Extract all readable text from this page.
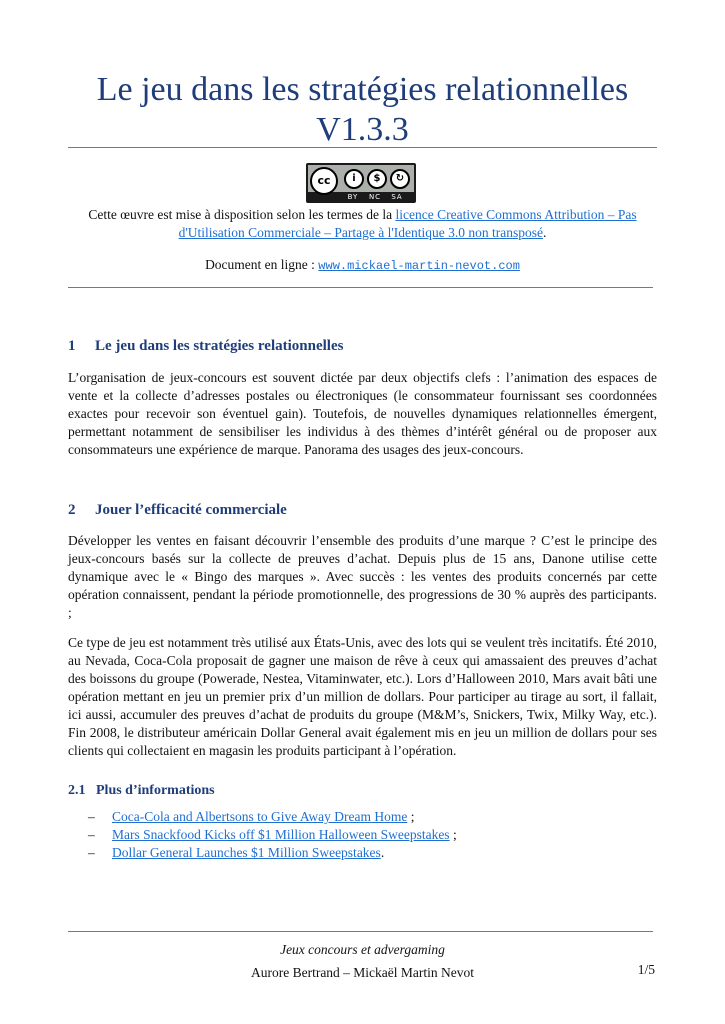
Le jeu dans les stratégies relationnelles
V1.3.3
cc	i	$	↻
BY NC SA
Cette œuvre est mise à disposition selon les termes de la licence Creative Commons Attribution – Pas d'Utilisation Commerciale – Partage à l'Identique 3.0 non transposé.
Document en ligne : www.mickael-martin-nevot.com
1 Le jeu dans les stratégies relationnelles
L’organisation de jeux-concours est souvent dictée par deux objectifs clefs : l’animation des espaces de vente et la collecte d’adresses postales ou électroniques (le consommateur fournissant ses coordonnées exactes pour recevoir son éventuel gain). Toutefois, de nouvelles dynamiques relationnelles émergent, permettant notamment de sensibiliser les individus à des thèmes d’intérêt général ou de proposer aux consommateurs une expérience de marque. Panorama des usages des jeux-concours.
2 Jouer l’efficacité commerciale
Développer les ventes en faisant découvrir l’ensemble des produits d’une marque ? C’est le principe des jeux-concours basés sur la collecte de preuves d’achat. Depuis plus de 15 ans, Danone utilise cette dynamique avec le « Bingo des marques ». Avec succès : les ventes des produits concernés par cette opération connaissent, pendant la période promotionnelle, des progressions de 30 % auprès des participants. ;
Ce type de jeu est notamment très utilisé aux États-Unis, avec des lots qui se veulent très incitatifs. Été 2010, au Nevada, Coca-Cola proposait de gagner une maison de rêve à ceux qui amassaient des preuves d’achat des boissons du groupe (Powerade, Nestea, Vitaminwater, etc.). Lors d’Halloween 2010, Mars avait bâti une opération mettant en jeu un premier prix d’un million de dollars. Pour participer au tirage au sort, il fallait, ici aussi, accumuler des preuves d’achat de produits du groupe (M&M’s, Snickers, Twix, Milky Way, etc.). Fin 2008, le distributeur américain Dollar General avait également mis en jeu un million de dollars pour ses clients qui collectaient en magasin les produits participant à l’opération.
2.1 Plus d’informations
– Coca-Cola and Albertsons to Give Away Dream Home ;
– Mars Snackfood Kicks off $1 Million Halloween Sweepstakes ;
– Dollar General Launches $1 Million Sweepstakes.
Jeux concours et advergaming
Aurore Bertrand – Mickaël Martin Nevot	1/5
